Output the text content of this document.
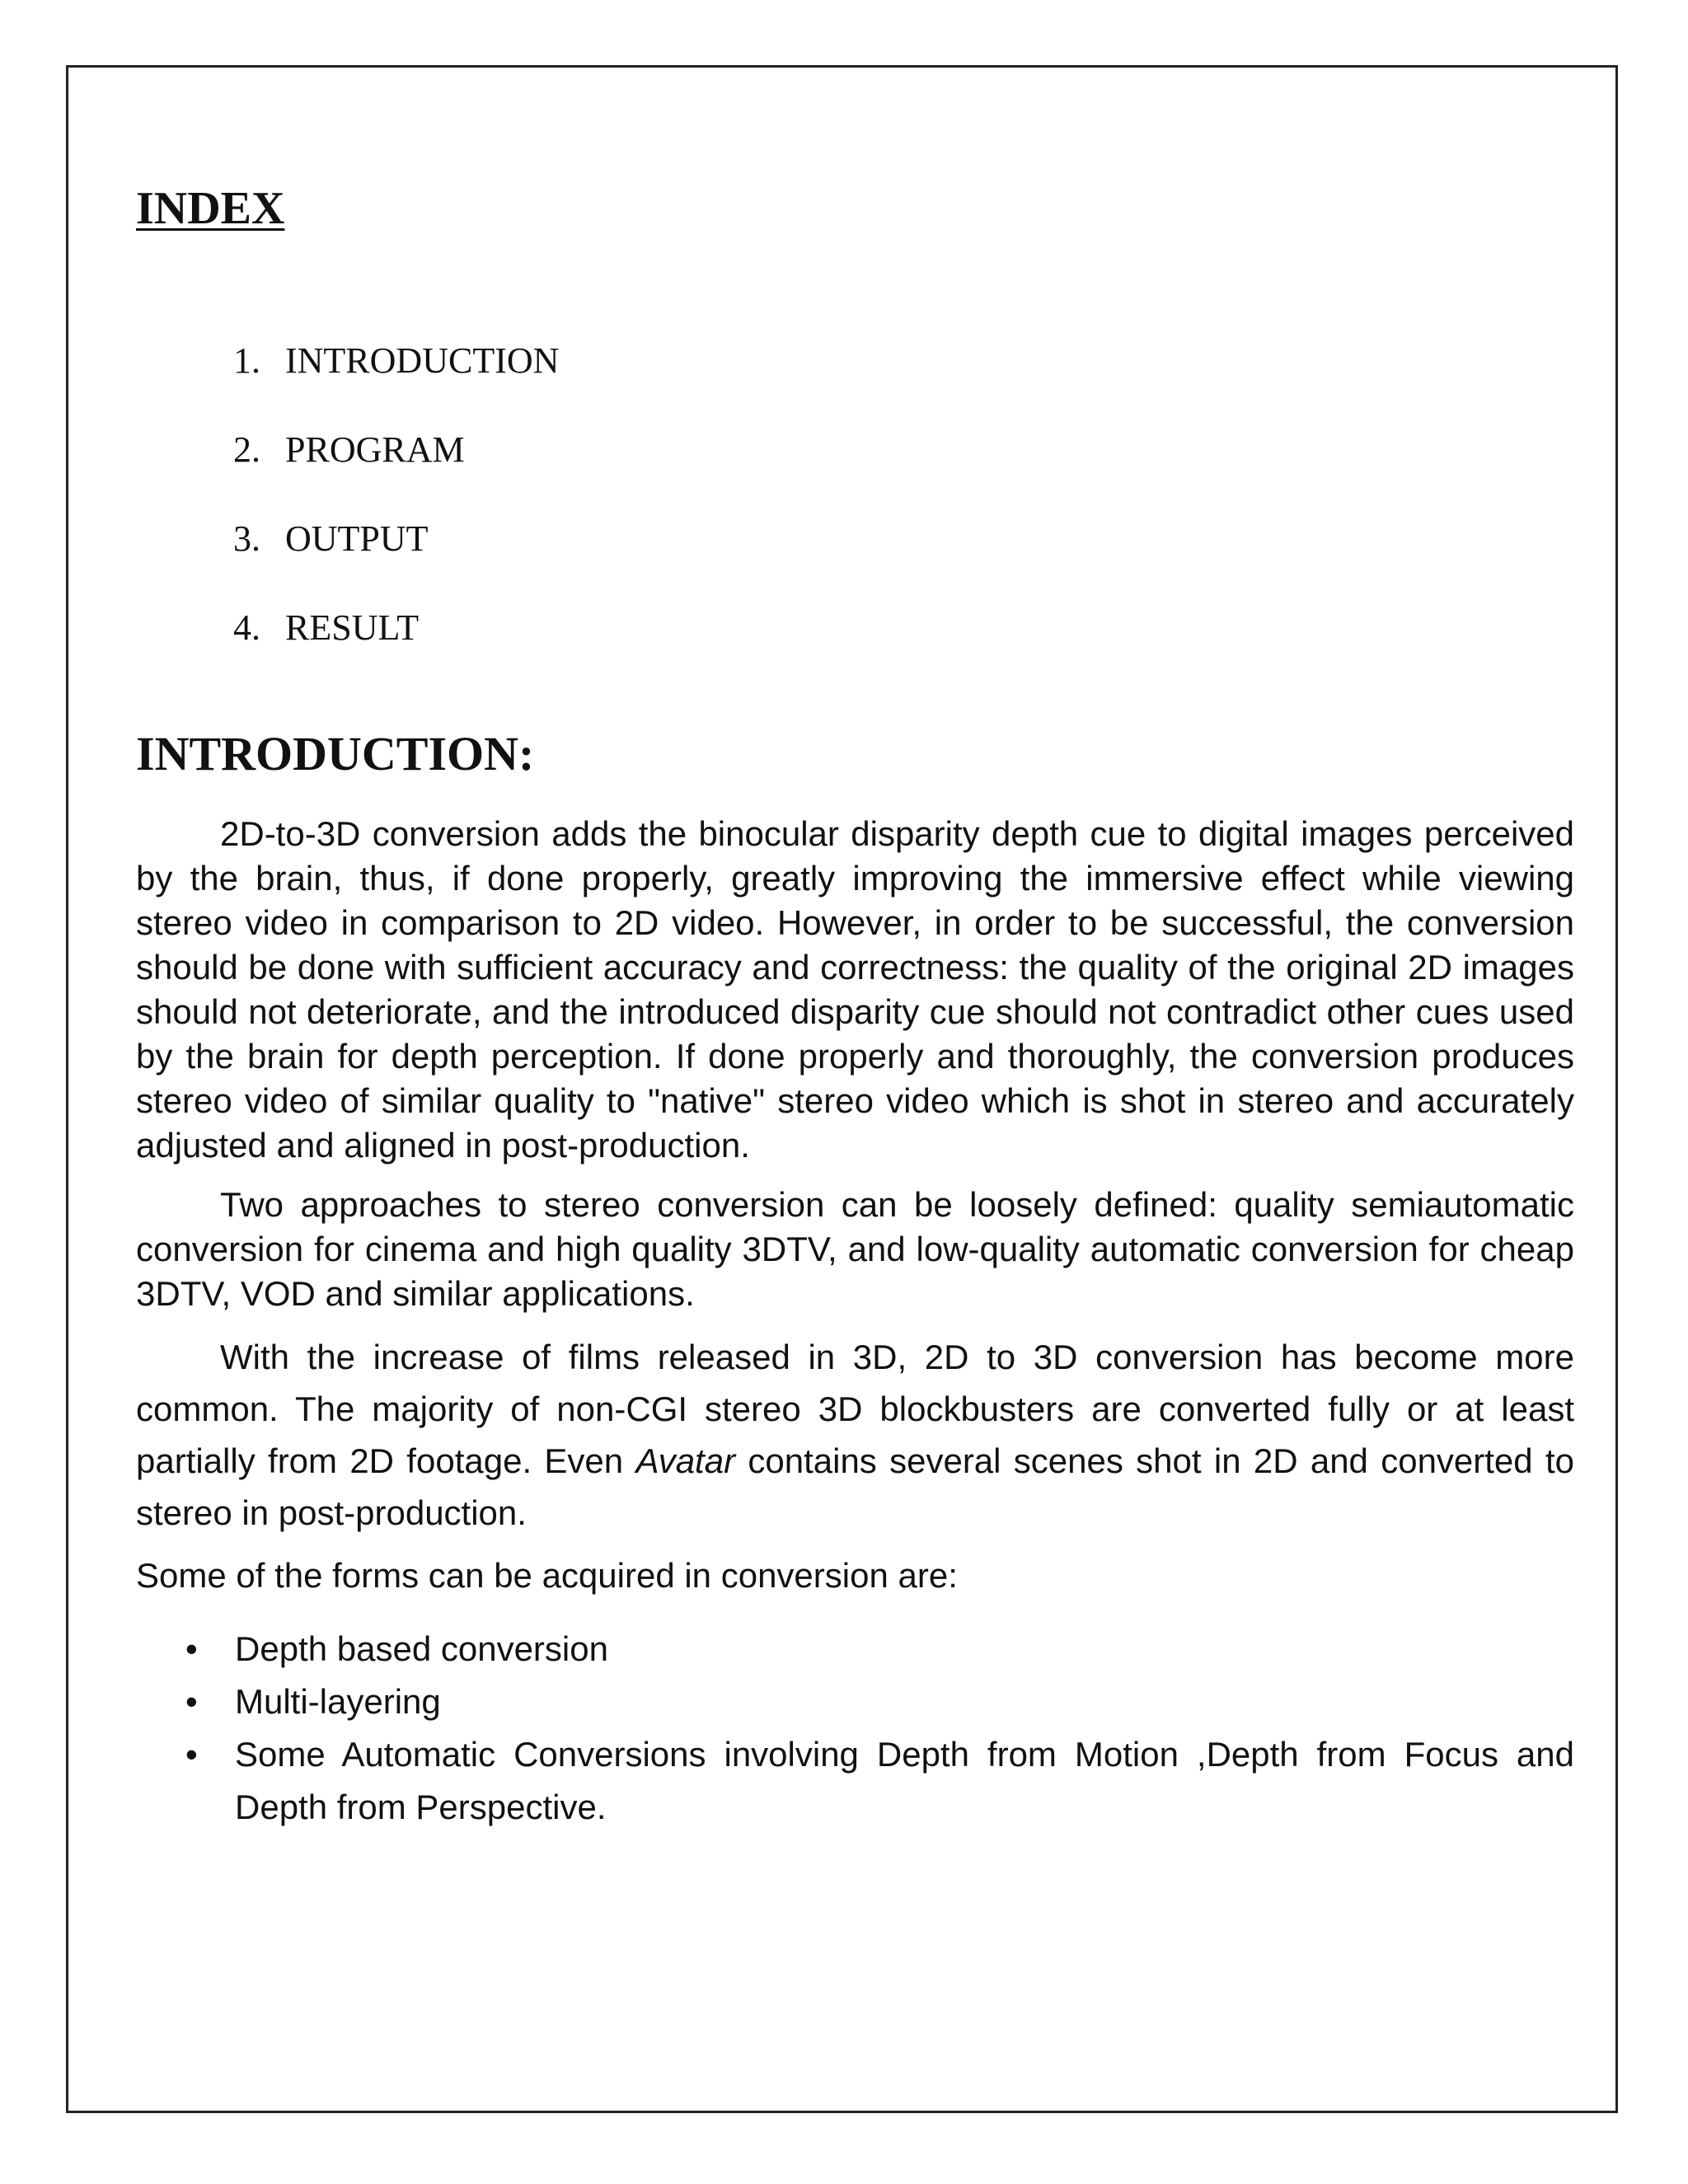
INDEX
1. INTRODUCTION
2. PROGRAM
3. OUTPUT
4. RESULT
INTRODUCTION:

2D-to-3D conversion adds the binocular disparity depth cue to digital images perceived by the brain, thus, if done properly, greatly improving the immersive effect while viewing stereo video in comparison to 2D video. However, in order to be successful, the conversion should be done with sufficient accuracy and correctness: the quality of the original 2D images should not deteriorate, and the introduced disparity cue should not contradict other cues used by the brain for depth perception. If done properly and thoroughly, the conversion produces stereo video of similar quality to "native" stereo video which is shot in stereo and accurately adjusted and aligned in post-production.

Two approaches to stereo conversion can be loosely defined: quality semiautomatic conversion for cinema and high quality 3DTV, and low-quality automatic conversion for cheap 3DTV, VOD and similar applications.

With the increase of films released in 3D, 2D to 3D conversion has become more common. The majority of non-CGI stereo 3D blockbusters are converted fully or at least partially from 2D footage. Even Avatar contains several scenes shot in 2D and converted to stereo in post-production.

Some of the forms can be acquired in conversion are:

• Depth based conversion
• Multi-layering
• Some Automatic Conversions involving Depth from Motion ,Depth from Focus and Depth from Perspective.
